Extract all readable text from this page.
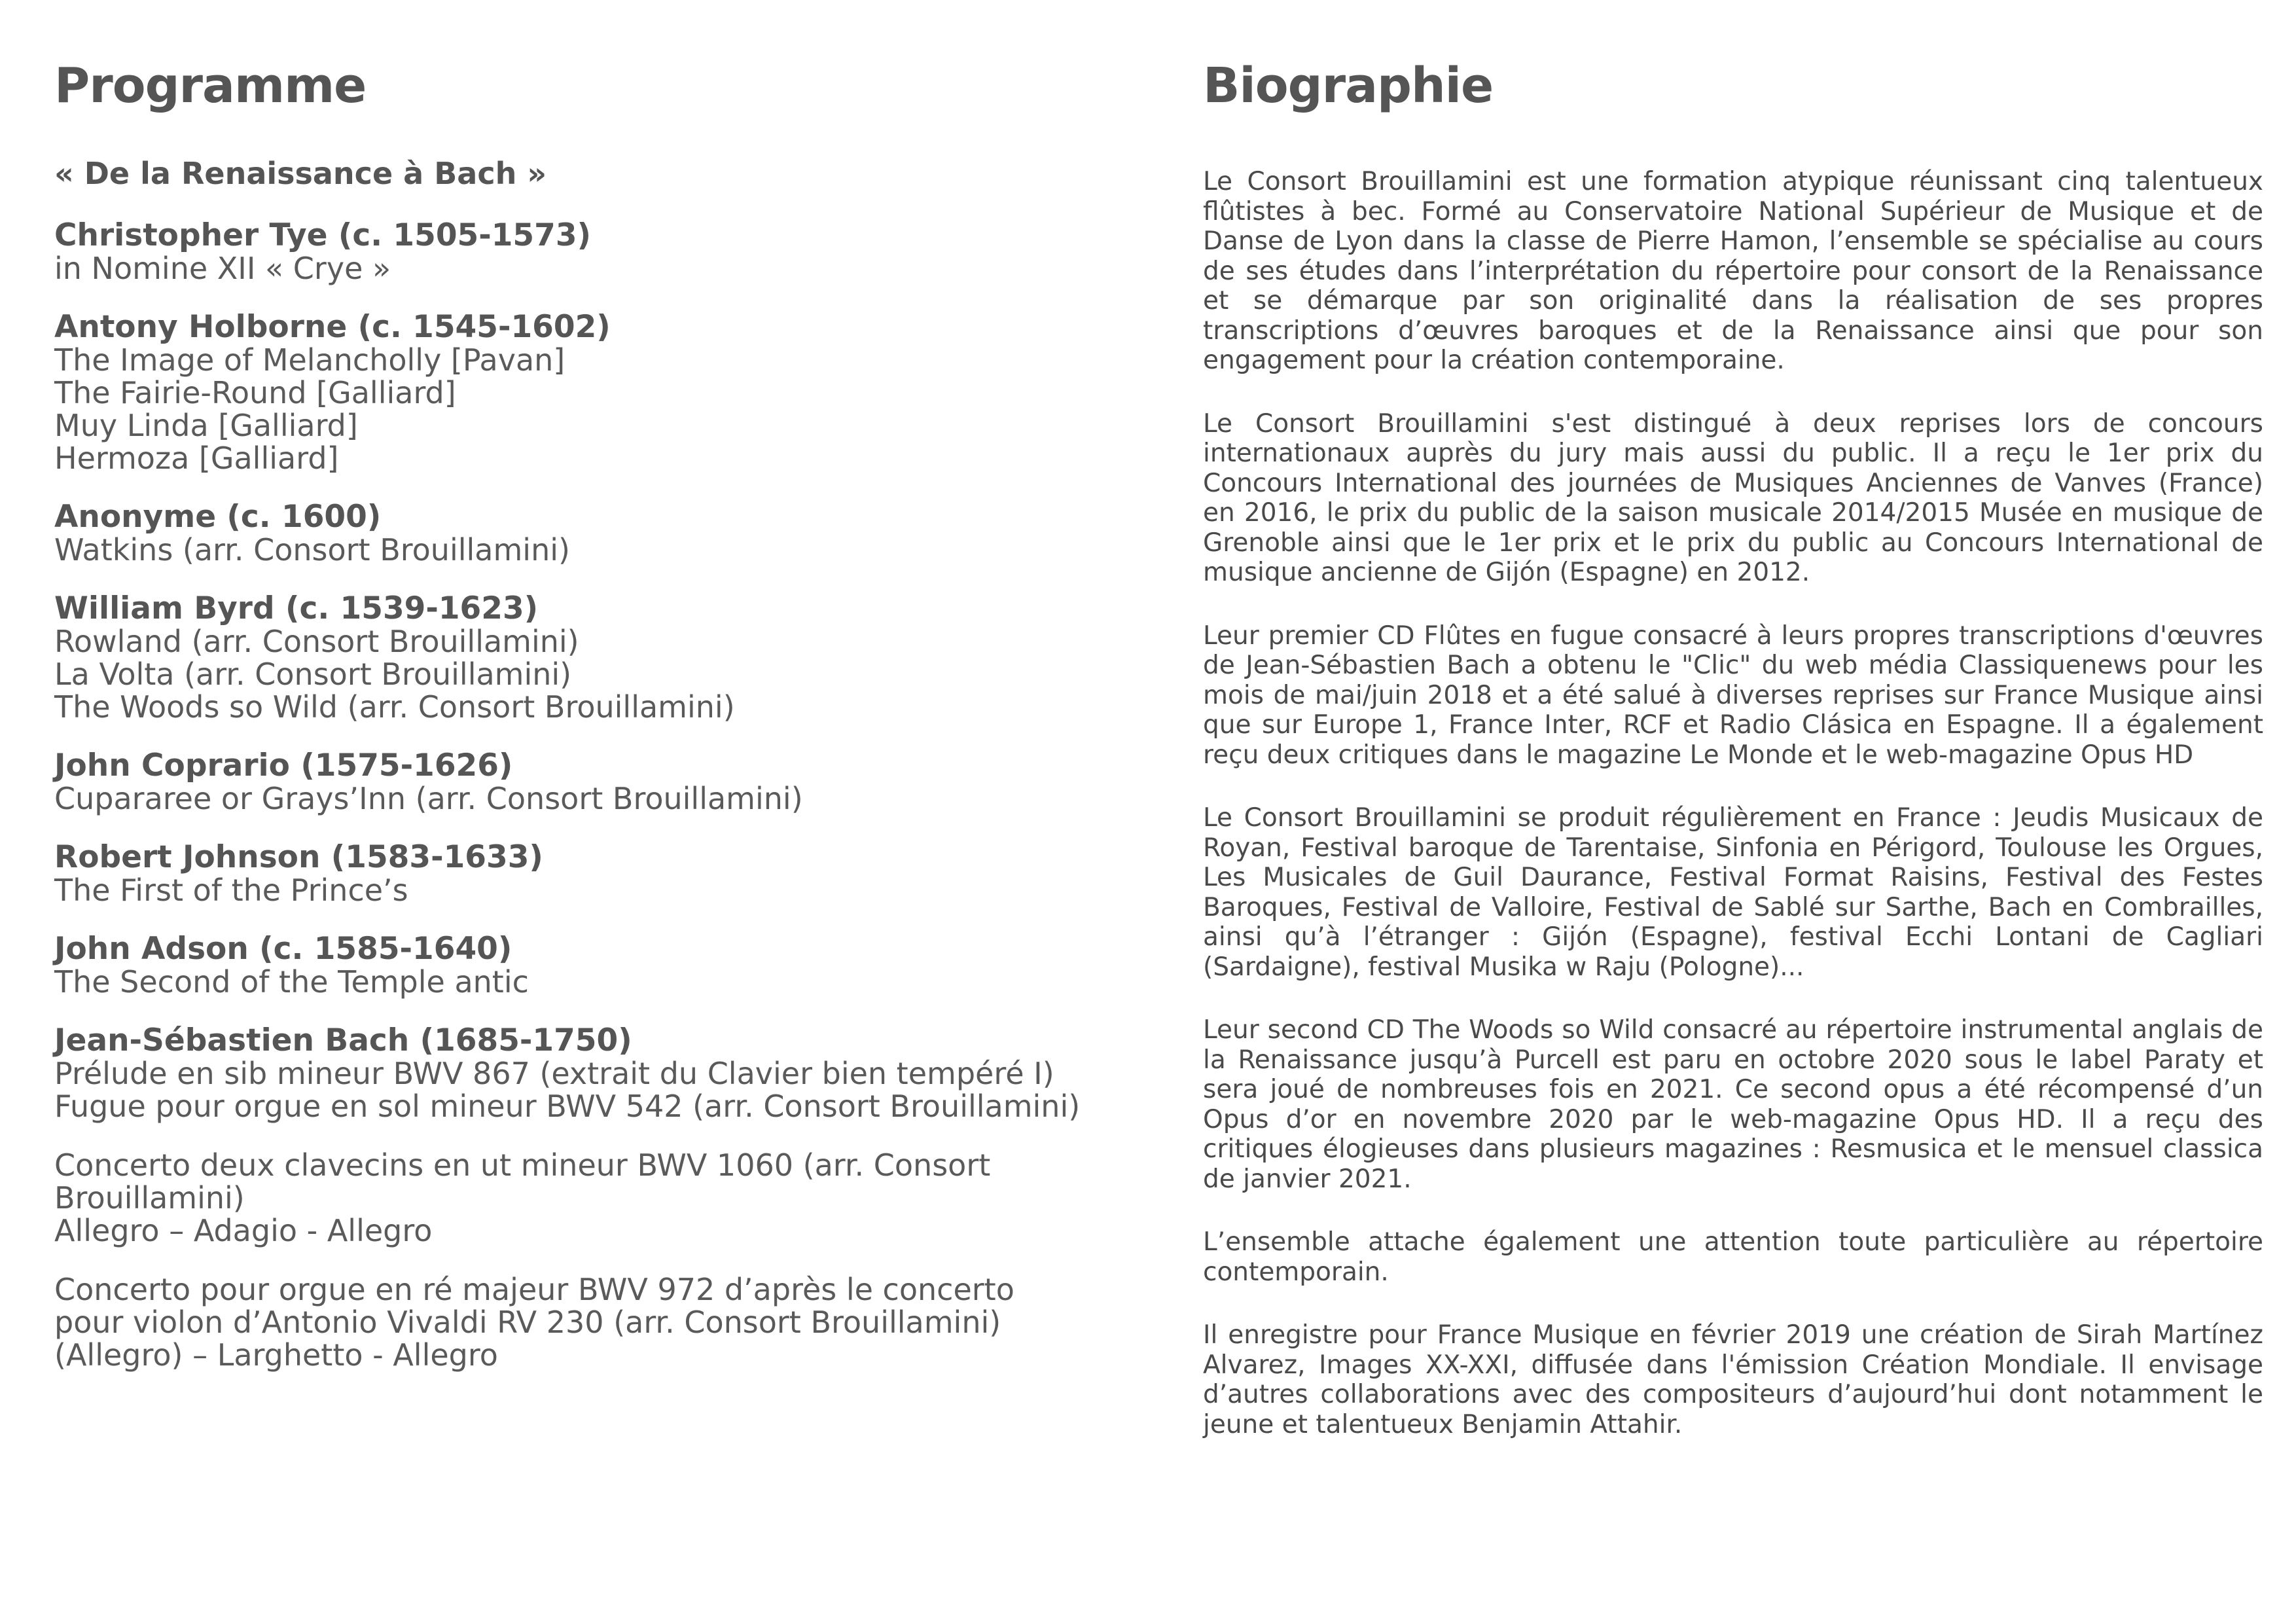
Programme
« De la Renaissance à Bach »
Christopher Tye (c. 1505-1573)
in Nomine XII « Crye »
Antony Holborne (c. 1545-1602)
The Image of Melancholly [Pavan]
The Fairie-Round [Galliard]
Muy Linda [Galliard]
Hermoza [Galliard]
Anonyme (c. 1600)
Watkins (arr. Consort Brouillamini)
William Byrd (c. 1539-1623)
Rowland (arr. Consort Brouillamini)
La Volta (arr. Consort Brouillamini)
The Woods so Wild (arr. Consort Brouillamini)
John Coprario (1575-1626)
Cupararee or Grays’Inn (arr. Consort Brouillamini)
Robert Johnson (1583-1633)
The First of the Prince’s
John Adson (c. 1585-1640)
The Second of the Temple antic
Jean-Sébastien Bach (1685-1750)
Prélude en sib mineur BWV 867 (extrait du Clavier bien tempéré I)
Fugue pour orgue en sol mineur BWV 542 (arr. Consort Brouillamini)
Concerto deux clavecins en ut mineur BWV 1060 (arr. Consort Brouillamini)
Allegro – Adagio - Allegro
Concerto pour orgue en ré majeur BWV 972 d’après le concerto pour violon d’Antonio Vivaldi RV 230 (arr. Consort Brouillamini)
(Allegro) – Larghetto - Allegro
Biographie

Le Consort Brouillamini est une formation atypique réunissant cinq talentueux flûtistes à bec. Formé au Conservatoire National Supérieur de Musique et de Danse de Lyon dans la classe de Pierre Hamon, l’ensemble se spécialise au cours de ses études dans l’interprétation du répertoire pour consort de la Renaissance et se démarque par son originalité dans la réalisation de ses propres transcriptions d’œuvres baroques et de la Renaissance ainsi que pour son engagement pour la création contemporaine.

Le Consort Brouillamini s'est distingué à deux reprises lors de concours internationaux auprès du jury mais aussi du public. Il a reçu le 1er prix du Concours International des journées de Musiques Anciennes de Vanves (France) en 2016, le prix du public de la saison musicale 2014/2015 Musée en musique de Grenoble ainsi que le 1er prix et le prix du public au Concours International de musique ancienne de Gijón (Espagne) en 2012.

Leur premier CD Flûtes en fugue consacré à leurs propres transcriptions d'œuvres de Jean-Sébastien Bach a obtenu le "Clic" du web média Classiquenews pour les mois de mai/juin 2018 et a été salué à diverses reprises sur France Musique ainsi que sur Europe 1, France Inter, RCF et Radio Clásica en Espagne. Il a également reçu deux critiques dans le magazine Le Monde et le web-magazine Opus HD

Le Consort Brouillamini se produit régulièrement en France : Jeudis Musicaux de Royan, Festival baroque de Tarentaise, Sinfonia en Périgord, Toulouse les Orgues, Les Musicales de Guil Daurance, Festival Format Raisins, Festival des Festes Baroques, Festival de Valloire, Festival de Sablé sur Sarthe, Bach en Combrailles, ainsi qu’à l’étranger : Gijón (Espagne), festival Ecchi Lontani de Cagliari (Sardaigne), festival Musika w Raju (Pologne)...

Leur second CD The Woods so Wild consacré au répertoire instrumental anglais de la Renaissance jusqu’à Purcell est paru en octobre 2020 sous le label Paraty et sera joué de nombreuses fois en 2021. Ce second opus a été récompensé d’un Opus d’or en novembre 2020 par le web-magazine Opus HD. Il a reçu des critiques élogieuses dans plusieurs magazines : Resmusica et le mensuel classica de janvier 2021.

L’ensemble attache également une attention toute particulière au répertoire contemporain.

Il enregistre pour France Musique en février 2019 une création de Sirah Martínez Alvarez, Images XX-XXI, diffusée dans l'émission Création Mondiale. Il envisage d’autres collaborations avec des compositeurs d’aujourd’hui dont notamment le jeune et talentueux Benjamin Attahir.
